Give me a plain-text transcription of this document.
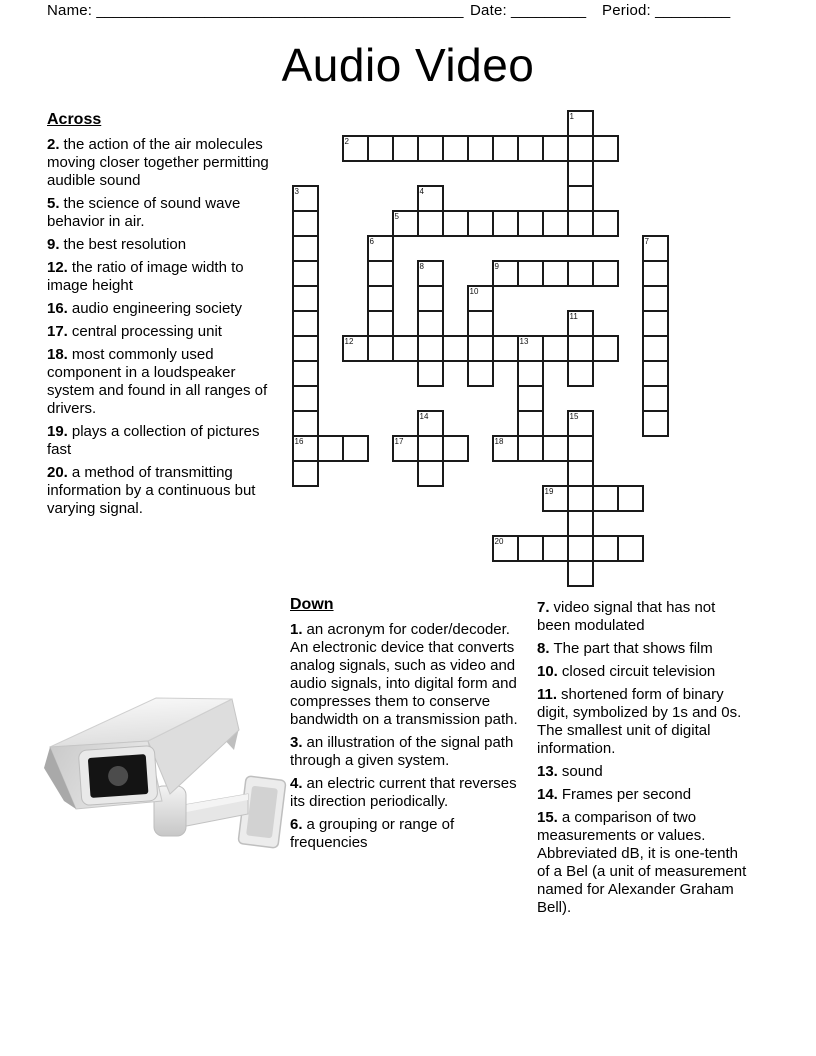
Name: ____________________________________________ Date: _________ Period: _________
Audio Video
Across
2. the action of the air molecules moving closer together permitting audible sound
5. the science of sound wave behavior in air.
9. the best resolution
12. the ratio of image width to image height
16. audio engineering society
17. central processing unit
18. most commonly used component in a loudspeaker system and found in all ranges of drivers.
19. plays a collection of pictures fast
20. a method of transmitting information by a continuous but varying signal.
1
2
3	4
5
6	7
8	9
10
11
12	13
14	15
16	17	18
19
20
Down
1. an acronym for coder/decoder. An electronic device that converts analog signals, such as video and audio signals, into digital form and compresses them to conserve bandwidth on a transmission path.
3. an illustration of the signal path through a given system.
4. an electric current that reverses its direction periodically.
6. a grouping or range of frequencies
7. video signal that has not been modulated
8. The part that shows film
10. closed circuit television
11. shortened form of binary digit, symbolized by 1s and 0s. The smallest unit of digital information.
13. sound
14. Frames per second
15. a comparison of two measurements or values. Abbreviated dB, it is one-tenth of a Bel (a unit of measurement named for Alexander Graham Bell).
